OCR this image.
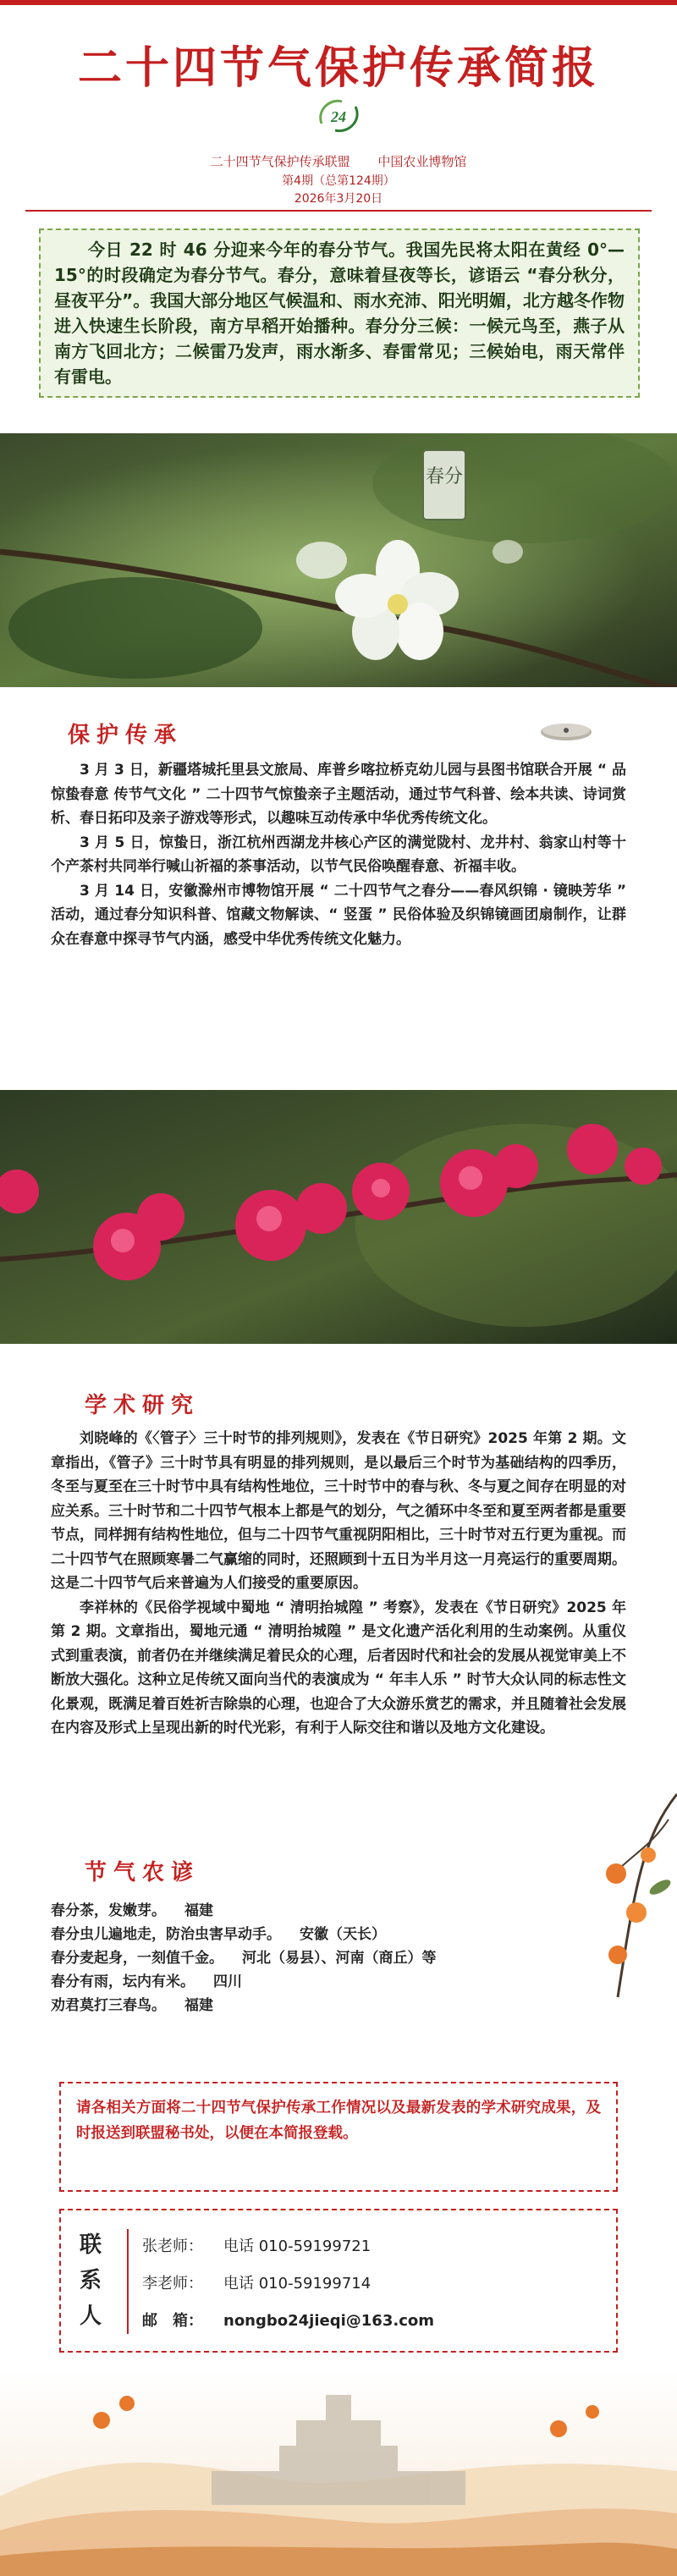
二十四节气保护传承简报
24
二十四节气保护传承联盟 中国农业博物馆
第4期（总第124期）
2026年3月20日

今日 22 时 46 分迎来今年的春分节气。我国先民将太阳在黄经 0°—15°的时段确定为春分节气。春分，意味着昼夜等长，谚语云 “春分秋分，昼夜平分”。我国大部分地区气候温和、雨水充沛、阳光明媚，北方越冬作物进入快速生长阶段，南方早稻开始播种。春分分三候：一候元鸟至，燕子从南方飞回北方；二候雷乃发声，雨水渐多、春雷常见；三候始电，雨天常伴有雷电。

春分
保护传承

3 月 3 日，新疆塔城托里县文旅局、库普乡喀拉桥克幼儿园与县图书馆联合开展 “ 品惊蛰春意 传节气文化 ” 二十四节气惊蛰亲子主题活动，通过节气科普、绘本共读、诗词赏析、春日拓印及亲子游戏等形式，以趣味互动传承中华优秀传统文化。

3 月 5 日，惊蛰日，浙江杭州西湖龙井核心产区的满觉陇村、龙井村、翁家山村等十个产茶村共同举行喊山祈福的茶事活动，以节气民俗唤醒春意、祈福丰收。

3 月 14 日，安徽滁州市博物馆开展 “ 二十四节气之春分——春风织锦 · 镜映芳华 ” 活动，通过春分知识科普、馆藏文物解读、“ 竖蛋 ” 民俗体验及织锦镜画团扇制作，让群众在春意中探寻节气内涵，感受中华优秀传统文化魅力。

学术研究

刘晓峰的《〈管子〉三十时节的排列规则》，发表在《节日研究》2025 年第 2 期。文章指出，《管子》三十时节具有明显的排列规则，是以最后三个时节为基础结构的四季历，冬至与夏至在三十时节中具有结构性地位，三十时节中的春与秋、冬与夏之间存在明显的对应关系。三十时节和二十四节气根本上都是气的划分，气之循环中冬至和夏至两者都是重要节点，同样拥有结构性地位，但与二十四节气重视阴阳相比，三十时节对五行更为重视。而二十四节气在照顾寒暑二气赢缩的同时，还照顾到十五日为半月这一月亮运行的重要周期。这是二十四节气后来普遍为人们接受的重要原因。

李祥林的《民俗学视域中蜀地 “ 清明抬城隍 ” 考察》，发表在《节日研究》2025 年第 2 期。文章指出，蜀地元通 “ 清明抬城隍 ” 是文化遗产活化利用的生动案例。从重仪式到重表演，前者仍在并继续满足着民众的心理，后者因时代和社会的发展从视觉审美上不断放大强化。这种立足传统又面向当代的表演成为 “ 年丰人乐 ” 时节大众认同的标志性文化景观，既满足着百姓祈吉除祟的心理，也迎合了大众游乐赏艺的需求，并且随着社会发展在内容及形式上呈现出新的时代光彩，有利于人际交往和谐以及地方文化建设。

节气农谚
春分茶，发嫩芽。 福建
春分虫儿遍地走，防治虫害早动手。 安徽（天长）
春分麦起身，一刻值千金。 河北（易县）、河南（商丘）等
春分有雨，坛内有米。 四川
劝君莫打三春鸟。 福建
请各相关方面将二十四节气保护传承工作情况以及最新发表的学术研究成果，及时报送到联盟秘书处，以便在本简报登载。
联系人
张老师： 电话 010-59199721
李老师： 电话 010-59199714
邮　箱： nongbo24jieqi@163.com
